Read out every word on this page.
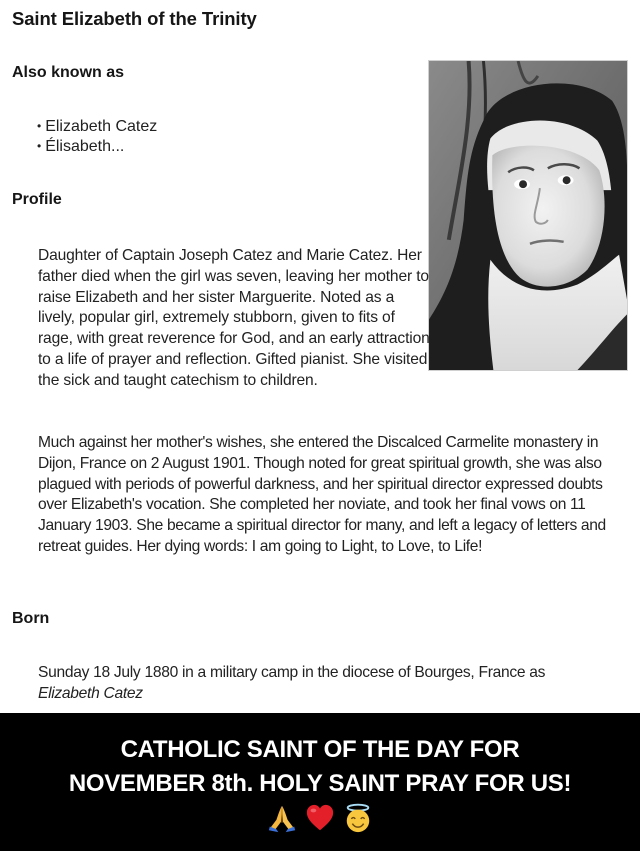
Saint Elizabeth of the Trinity
Also known as
• Elizabeth Catez
• Élisabeth...
Profile

Daughter of Captain Joseph Catez and Marie Catez. Her father died when the girl was seven, leaving her mother to raise Elizabeth and her sister Marguerite. Noted as a lively, popular girl, extremely stubborn, given to fits of rage, with great reverence for God, and an early attraction to a life of prayer and reflection. Gifted pianist. She visited the sick and taught catechism to children.

Much against her mother's wishes, she entered the Discalced Carmelite monastery in Dijon, France on 2 August 1901. Though noted for great spiritual growth, she was also plagued with periods of powerful darkness, and her spiritual director expressed doubts over Elizabeth's vocation. She completed her noviate, and took her final vows on 11 January 1903. She became a spiritual director for many, and left a legacy of letters and retreat guides. Her dying words: I am going to Light, to Love, to Life!

Born

Sunday 18 July 1880 in a military camp in the diocese of Bourges, France as
Elizabeth Catez

CATHOLIC SAINT OF THE DAY FOR
NOVEMBER 8th. HOLY SAINT PRAY FOR US!
